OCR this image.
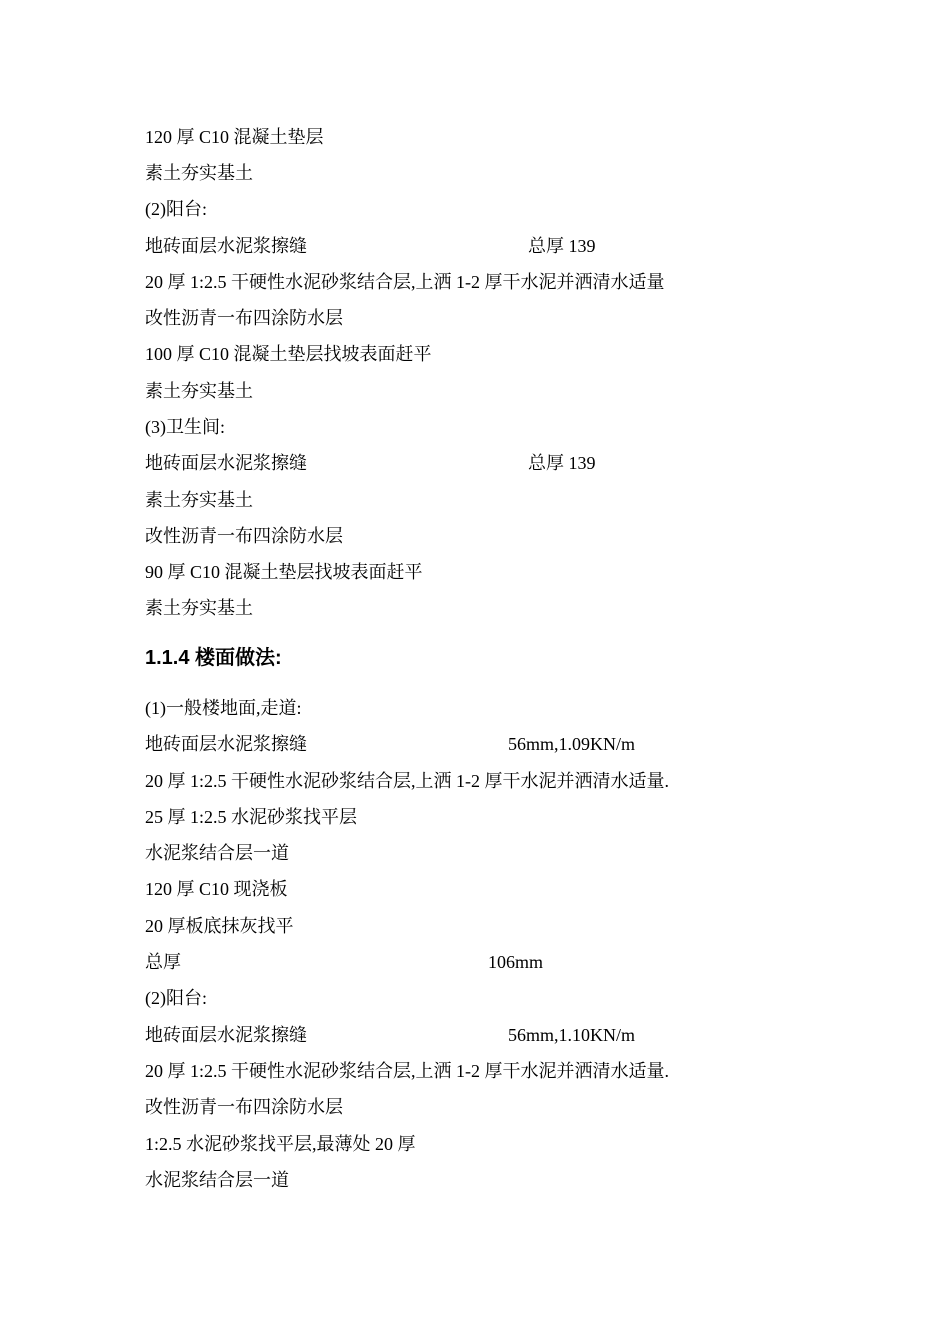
120 厚 C10 混凝土垫层
素土夯实基土
(2)阳台:
地砖面层水泥浆擦缝	总厚 139
20 厚 1:2.5 干硬性水泥砂浆结合层,上洒 1-2 厚干水泥并洒清水适量
改性沥青一布四涂防水层
100 厚 C10 混凝土垫层找坡表面赶平
素土夯实基土
(3)卫生间:
地砖面层水泥浆擦缝	总厚 139
素土夯实基土
改性沥青一布四涂防水层
90 厚 C10 混凝土垫层找坡表面赶平
素土夯实基土
1.1.4 楼面做法:
(1)一般楼地面,走道:
地砖面层水泥浆擦缝	56mm,1.09KN/m
20 厚 1:2.5 干硬性水泥砂浆结合层,上洒 1-2 厚干水泥并洒清水适量.
25 厚 1:2.5 水泥砂浆找平层
水泥浆结合层一道
120 厚 C10 现浇板
20 厚板底抹灰找平
总厚	106mm
(2)阳台:
地砖面层水泥浆擦缝	56mm,1.10KN/m
20 厚 1:2.5 干硬性水泥砂浆结合层,上洒 1-2 厚干水泥并洒清水适量.
改性沥青一布四涂防水层
1:2.5 水泥砂浆找平层,最薄处 20 厚
水泥浆结合层一道
